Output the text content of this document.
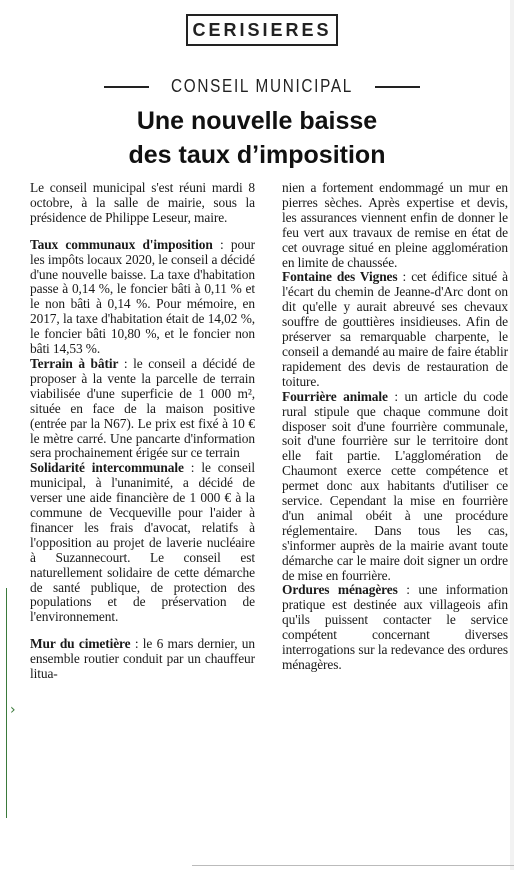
CERISIERES
CONSEIL MUNICIPAL
Une nouvelle baisse
des taux d’imposition

Le conseil municipal s'est réuni mardi 8 octobre, à la salle de mairie, sous la présidence de Philippe Leseur, maire.

Taux communaux d'imposition : pour les impôts locaux 2020, le conseil a décidé d'une nouvelle baisse. La taxe d'habitation passe à 0,14 %, le foncier bâti à 0,11 % et le non bâti à 0,14 %. Pour mémoire, en 2017, la taxe d'habitation était de 14,02 %, le foncier bâti 10,80 %, et le foncier non bâti 14,53 %.

Terrain à bâtir : le conseil a décidé de proposer à la vente la parcelle de terrain viabilisée d'une superficie de 1 000 m², située en face de la maison positive (entrée par la N67). Le prix est fixé à 10 € le mètre carré. Une pancarte d'information sera prochainement érigée sur ce terrain

Solidarité intercommunale : le conseil municipal, à l'unanimité, a décidé de verser une aide financière de 1 000 € à la commune de Vecqueville pour l'aider à financer les frais d'avocat, relatifs à l'opposition au projet de laverie nucléaire à Suzannecourt. Le conseil est naturellement solidaire de cette démarche de santé publique, de protection des populations et de préservation de l'environnement.

Mur du cimetière : le 6 mars dernier, un ensemble routier conduit par un chauffeur litua-

nien a fortement endommagé un mur en pierres sèches. Après expertise et devis, les assurances viennent enfin de donner le feu vert aux travaux de remise en état de cet ouvrage situé en pleine agglomération en limite de chaussée.

Fontaine des Vignes : cet édifice situé à l'écart du chemin de Jeanne-d'Arc dont on dit qu'elle y aurait abreuvé ses chevaux souffre de gouttières insidieuses. Afin de préserver sa remarquable charpente, le conseil a demandé au maire de faire établir rapidement des devis de restauration de toiture.

Fourrière animale : un article du code rural stipule que chaque commune doit disposer soit d'une fourrière communale, soit d'une fourrière sur le territoire dont elle fait partie. L'agglomération de Chaumont exerce cette compétence et permet donc aux habitants d'utiliser ce service. Cependant la mise en fourrière d'un animal obéit à une procédure réglementaire. Dans tous les cas, s'informer auprès de la mairie avant toute démarche car le maire doit signer un ordre de mise en fourrière.

Ordures ménagères : une information pratique est destinée aux villageois afin qu'ils puissent contacter le service compétent concernant diverses interrogations sur la redevance des ordures ménagères.

›
